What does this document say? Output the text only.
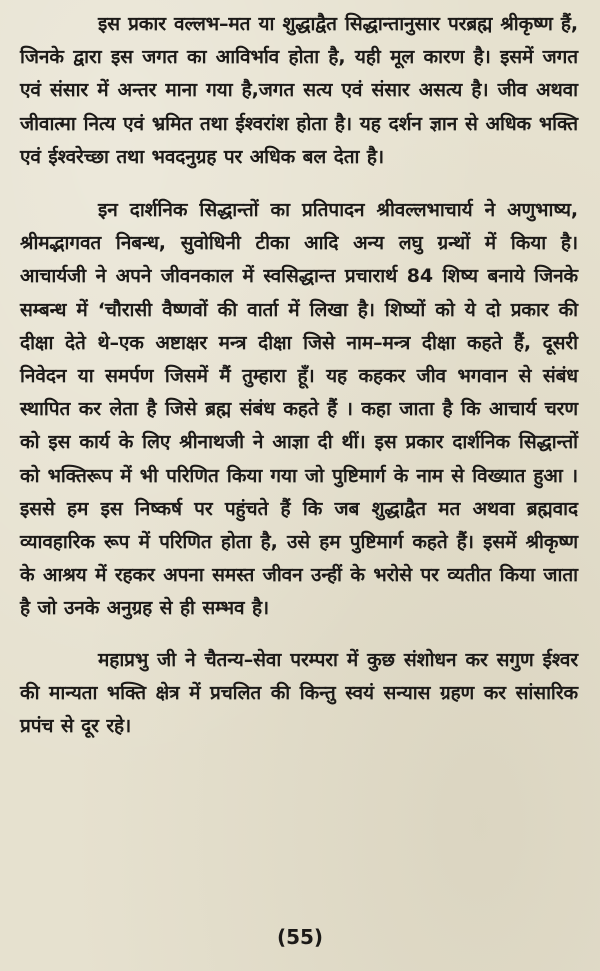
इस प्रकार वल्लभ–मत या शुद्धाद्वैत सिद्धान्तानुसार परब्रह्म श्रीकृष्ण हैं, जिनके द्वारा इस जगत का आविर्भाव होता है, यही मूल कारण है। इसमें जगत एवं संसार में अन्तर माना गया है,जगत सत्य एवं संसार असत्य है। जीव अथवा जीवात्मा नित्य एवं भ्रमित तथा ईश्वरांश होता है। यह दर्शन ज्ञान से अधिक भक्ति एवं ईश्वरेच्छा तथा भवदनुग्रह पर अधिक बल देता है।

इन दार्शनिक सिद्धान्तों का प्रतिपादन श्रीवल्लभाचार्य ने अणुभाष्य, श्रीमद्भागवत निबन्ध, सुवोधिनी टीका आदि अन्य लघु ग्रन्थों में किया है। आचार्यजी ने अपने जीवनकाल में स्वसिद्धान्त प्रचारार्थ 84 शिष्य बनाये जिनके सम्बन्ध में ‘चौरासी वैष्णवों की वार्ता में लिखा है। शिष्यों को ये दो प्रकार की दीक्षा देते थे–एक अष्टाक्षर मन्त्र दीक्षा जिसे नाम–मन्त्र दीक्षा कहते हैं, दूसरी निवेदन या समर्पण जिसमें मैं तुम्हारा हूँ। यह कहकर जीव भगवान से संबंध स्थापित कर लेता है जिसे ब्रह्म संबंध कहते हैं । कहा जाता है कि आचार्य चरण को इस कार्य के लिए श्रीनाथजी ने आज्ञा दी थीं। इस प्रकार दार्शनिक सिद्धान्तों को भक्तिरूप में भी परिणित किया गया जो पुष्टिमार्ग के नाम से विख्यात हुआ । इससे हम इस निष्कर्ष पर पहुंचते हैं कि जब शुद्धाद्वैत मत अथवा ब्रह्मवाद व्यावहारिक रूप में परिणित होता है, उसे हम पुष्टिमार्ग कहते हैं। इसमें श्रीकृष्ण के आश्रय में रहकर अपना समस्त जीवन उन्हीं के भरोसे पर व्यतीत किया जाता है जो उनके अनुग्रह से ही सम्भव है।

महाप्रभु जी ने चैतन्य–सेवा परम्परा में कुछ संशोधन कर सगुण ईश्वर की मान्यता भक्ति क्षेत्र में प्रचलित की किन्तु स्वयं सन्यास ग्रहण कर सांसारिक प्रपंच से दूर रहे।

(55)
